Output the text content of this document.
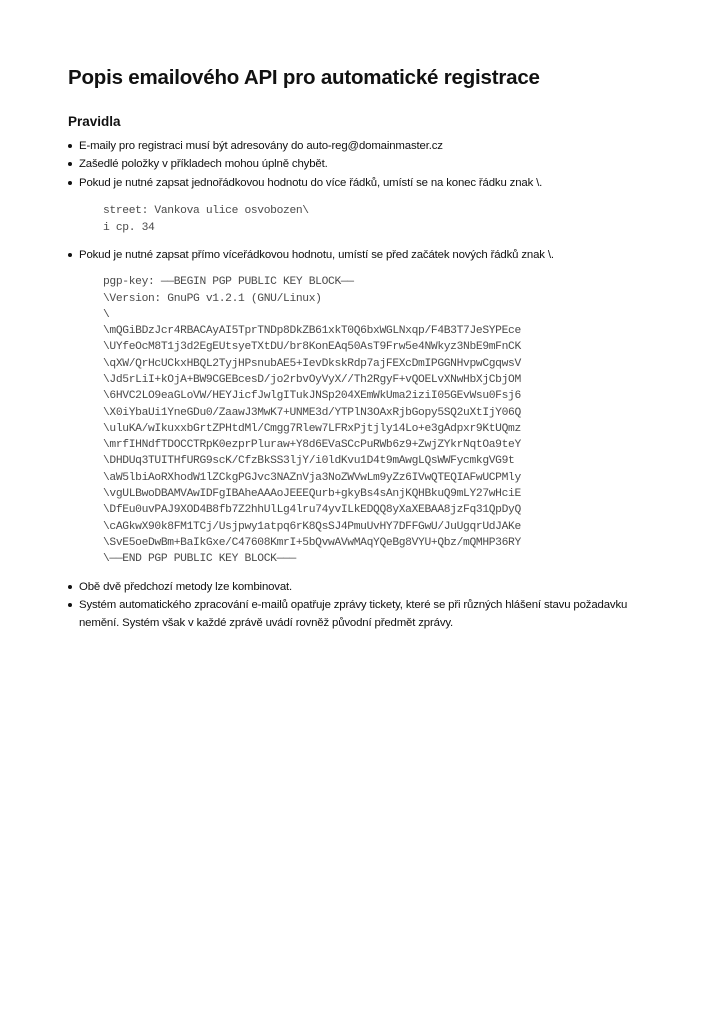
Popis emailového API pro automatické registrace
Pravidla
E-maily pro registraci musí být adresovány do auto-reg@domainmaster.cz
Zašedlé položky v příkladech mohou úplně chybět.
Pokud je nutné zapsat jednořádkovou hodnotu do více řádků, umístí se na konec řádku znak \.
street: Vankova ulice osvobozen\
i cp. 34
Pokud je nutné zapsat přímo víceřádkovou hodnotu, umístí se před začátek nových řádků znak \.
pgp-key: ——BEGIN PGP PUBLIC KEY BLOCK——
\Version: GnuPG v1.2.1 (GNU/Linux)
\
\mQGiBDzJcr4RBACAyAI5TprTNDp8DkZB61xkT0Q6bxWGLNxqp/F4B3T7JeSYPEce
\UYfeOcM8T1j3d2EgEUtsyeTXtDU/br8KonEAq50AsT9Frw5e4NWkyz3NbE9mFnCK
\qXW/QrHcUCkxHBQL2TyjHPsnubAE5+IevDkskRdp7ajFEXcDmIPGGNHvpwCgqwsV
\Jd5rLiI+kOjA+BW9CGEBcesD/jo2rbvOyVyX//Th2RgyF+vQOELvXNwHbXjCbjOM
\6HVC2LO9eaGLoVW/HEYJicfJwlgITukJNSp204XEmWkUma2iziI05GEvWsu0Fsj6
\X0iYbaUi1YneGDu0/ZaawJ3MwK7+UNME3d/YTPlN3OAxRjbGopy5SQ2uXtIjY06Q
\uluKA/wIkuxxbGrtZPHtdMl/Cmgg7Rlew7LFRxPjtjly14Lo+e3gAdpxr9KtUQmz
\mrfIHNdfTDOCCTRpK0ezprPluraw+Y8d6EVaSCcPuRWb6z9+ZwjZYkrNqtOa9teY
\DHDUq3TUITHfURG9scK/CfzBkSS3ljY/i0ldKvu1D4t9mAwgLQsWWFycmkgVG9t
\aW5lbiAoRXhodW1lZCkgPGJvc3NAZnVja3NoZWVwLm9yZz6IVwQTEQIAFwUCPMly
\vgULBwoDBAMVAwIDFgIBAheAAAoJEEEQurb+gkyBs4sAnjKQHBkuQ9mLY27wHciE
\DfEu0uvPAJ9XOD4B8fb7Z2hhUlLg4lru74yvILkEDQQ8yXaXEBAA8jzFq31QpDyQ
\cAGkwX90k8FM1TCj/Usjpwy1atpq6rK8QsSJ4PmuUvHY7DFFGwU/JuUgqrUdJAKe
\SvE5oeDwBm+BaIkGxe/C47608KmrI+5bQvwAVwMAqYQeBg8VYU+Qbz/mQMHP36RY
\——END PGP PUBLIC KEY BLOCK———
Obě dvě předchozí metody lze kombinovat.
Systém automatického zpracování e-mailů opatřuje zprávy tickety, které se při různých hlášení stavu požadavku nemění. Systém však v každé zprávě uvádí rovněž původní předmět zprávy.
